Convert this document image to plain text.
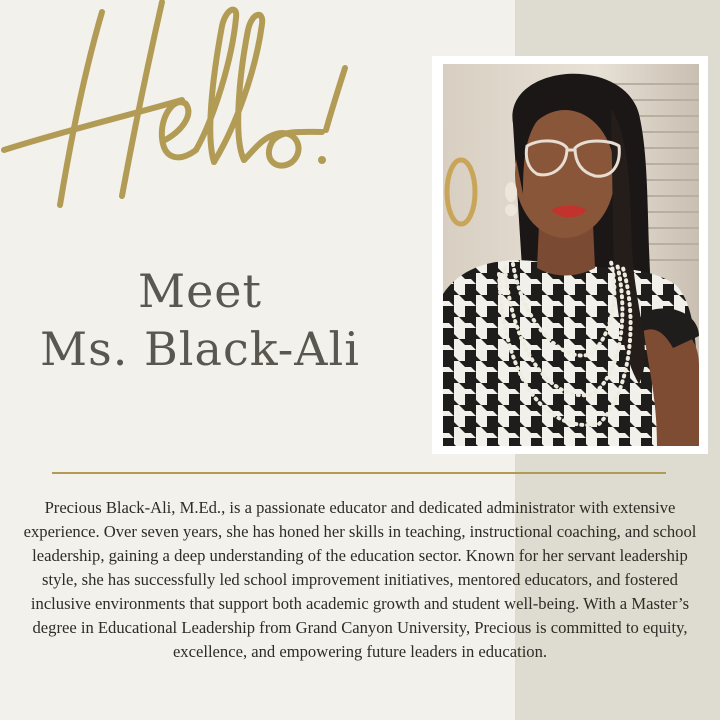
Meet
Ms. Black-Ali

Precious Black-Ali, M.Ed., is a passionate educator and dedicated administrator with extensive experience. Over seven years, she has honed her skills in teaching, instructional coaching, and school leadership, gaining a deep understanding of the education sector. Known for her servant leadership style, she has successfully led school improvement initiatives, mentored educators, and fostered inclusive environments that support both academic growth and student well-being. With a Master’s degree in Educational Leadership from Grand Canyon University, Precious is committed to equity, excellence, and empowering future leaders in education.
